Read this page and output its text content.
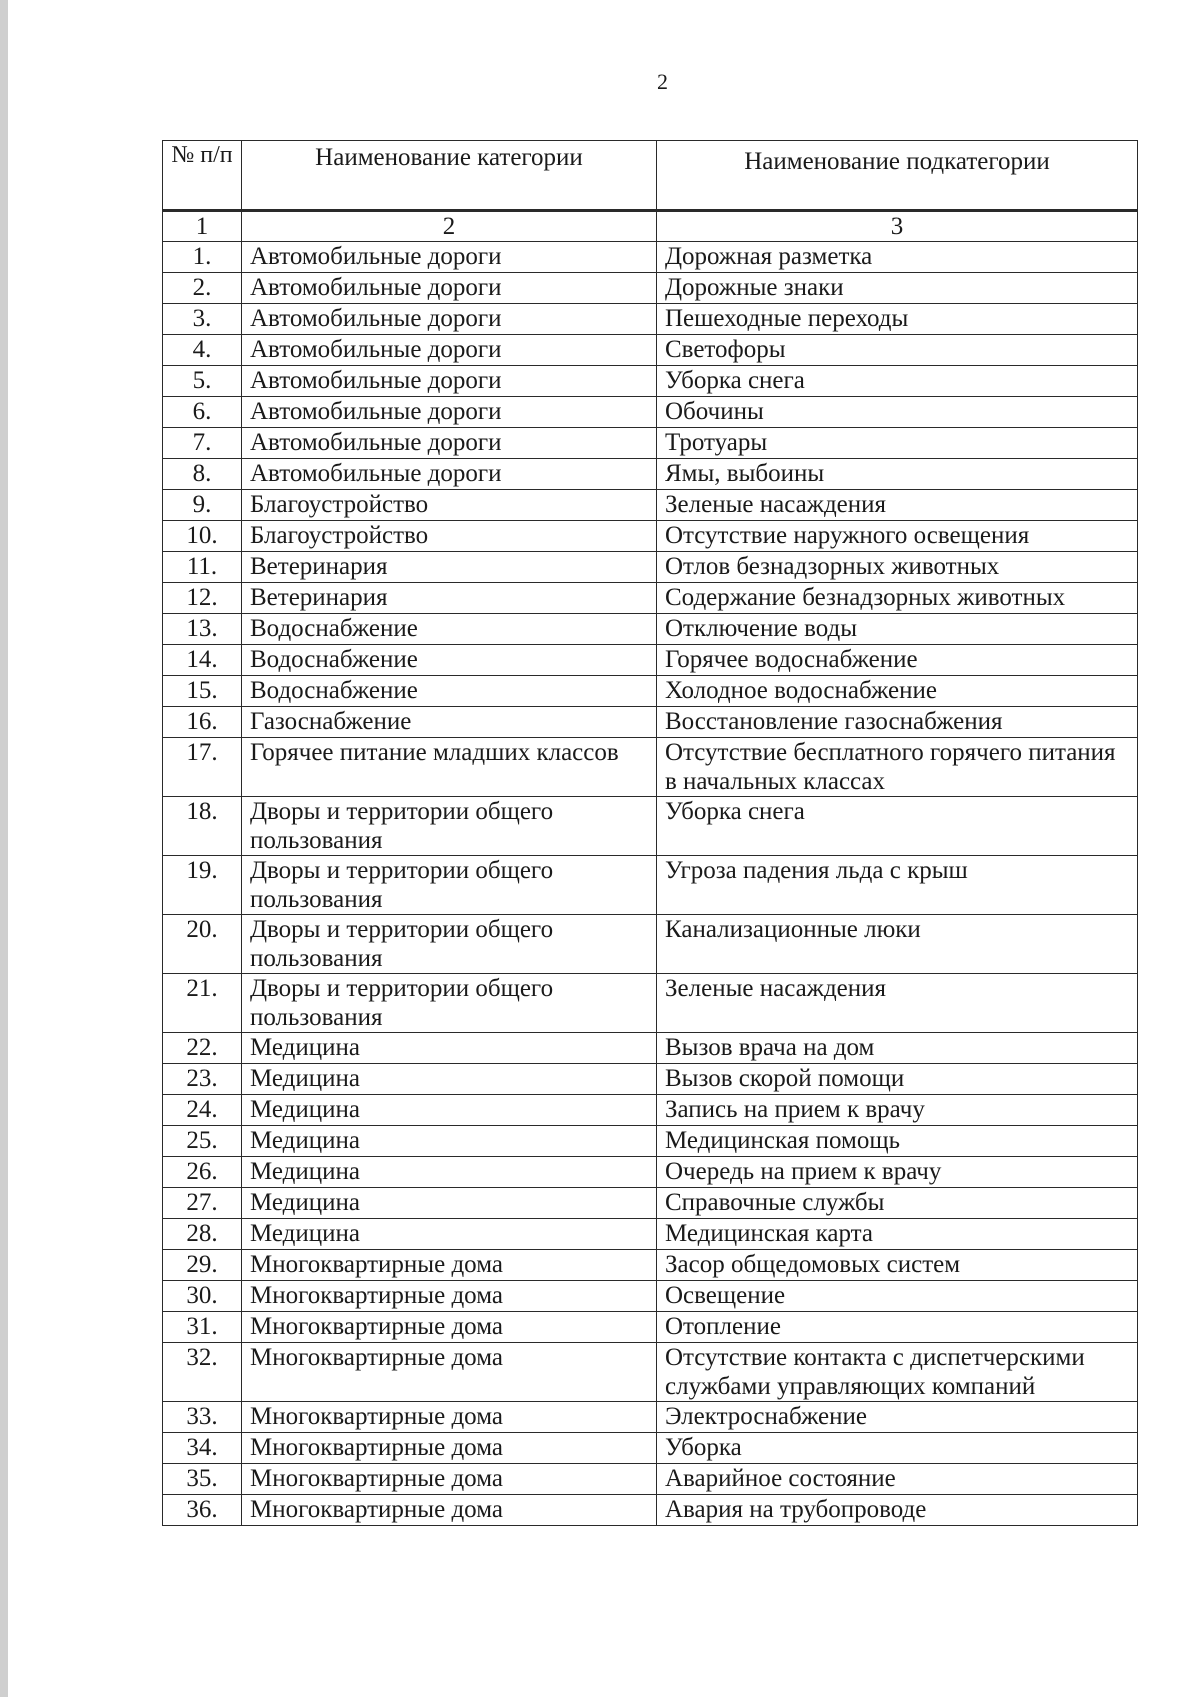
2
№ п/п	Наименование категории	Наименование подкатегории
1	2	3
1.	Автомобильные дороги	Дорожная разметка
2.	Автомобильные дороги	Дорожные знаки
3.	Автомобильные дороги	Пешеходные переходы
4.	Автомобильные дороги	Светофоры
5.	Автомобильные дороги	Уборка снега
6.	Автомобильные дороги	Обочины
7.	Автомобильные дороги	Тротуары
8.	Автомобильные дороги	Ямы, выбоины
9.	Благоустройство	Зеленые насаждения
10.	Благоустройство	Отсутствие наружного освещения
11.	Ветеринария	Отлов безнадзорных животных
12.	Ветеринария	Содержание безнадзорных животных
13.	Водоснабжение	Отключение воды
14.	Водоснабжение	Горячее водоснабжение
15.	Водоснабжение	Холодное водоснабжение
16.	Газоснабжение	Восстановление газоснабжения
17.	Горячее питание младших классов	Отсутствие бесплатного горячего питания в начальных классах
18.	Дворы и территории общего пользования	Уборка снега
19.	Дворы и территории общего пользования	Угроза падения льда с крыш
20.	Дворы и территории общего пользования	Канализационные люки
21.	Дворы и территории общего пользования	Зеленые насаждения
22.	Медицина	Вызов врача на дом
23.	Медицина	Вызов скорой помощи
24.	Медицина	Запись на прием к врачу
25.	Медицина	Медицинская помощь
26.	Медицина	Очередь на прием к врачу
27.	Медицина	Справочные службы
28.	Медицина	Медицинская карта
29.	Многоквартирные дома	Засор общедомовых систем
30.	Многоквартирные дома	Освещение
31.	Многоквартирные дома	Отопление
32.	Многоквартирные дома	Отсутствие контакта с диспетчерскими службами управляющих компаний
33.	Многоквартирные дома	Электроснабжение
34.	Многоквартирные дома	Уборка
35.	Многоквартирные дома	Аварийное состояние
36.	Многоквартирные дома	Авария на трубопроводе
